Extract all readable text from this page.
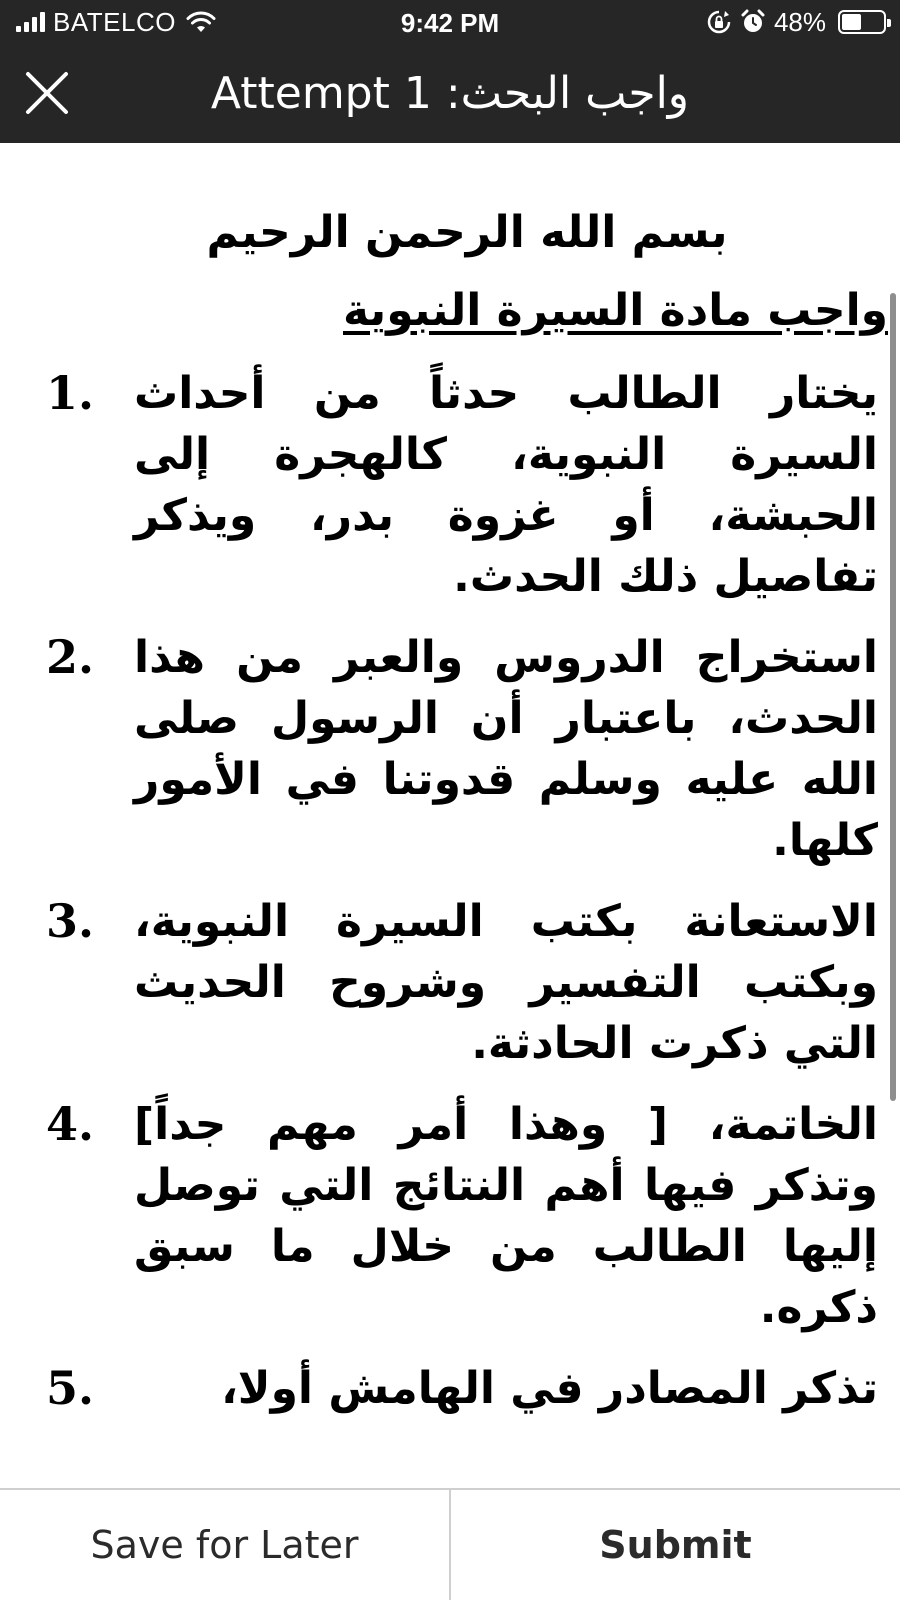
BATELCO	9:42 PM	48%
واجب البحث: Attempt 1
بسم الله الرحمن الرحيم
واجب مادة السيرة النبوية
يختار الطالب حدثاً من أحداث السيرة النبوية، كالهجرة إلى الحبشة، أو غزوة بدر، ويذكر تفاصيل ذلك الحدث.
1.
استخراج الدروس والعبر من هذا الحدث، باعتبار أن الرسول صلى الله عليه وسلم قدوتنا في الأمور كلها.
2.
الاستعانة بكتب السيرة النبوية، وبكتب التفسير وشروح الحديث التي ذكرت الحادثة.
3.
الخاتمة، [ وهذا أمر مهم جداً] وتذكر فيها أهم النتائج التي توصل إليها الطالب من خلال ما سبق ذكره.
4.
تذكر المصادر في الهامش أولا،
5.
Save for Later	Submit
